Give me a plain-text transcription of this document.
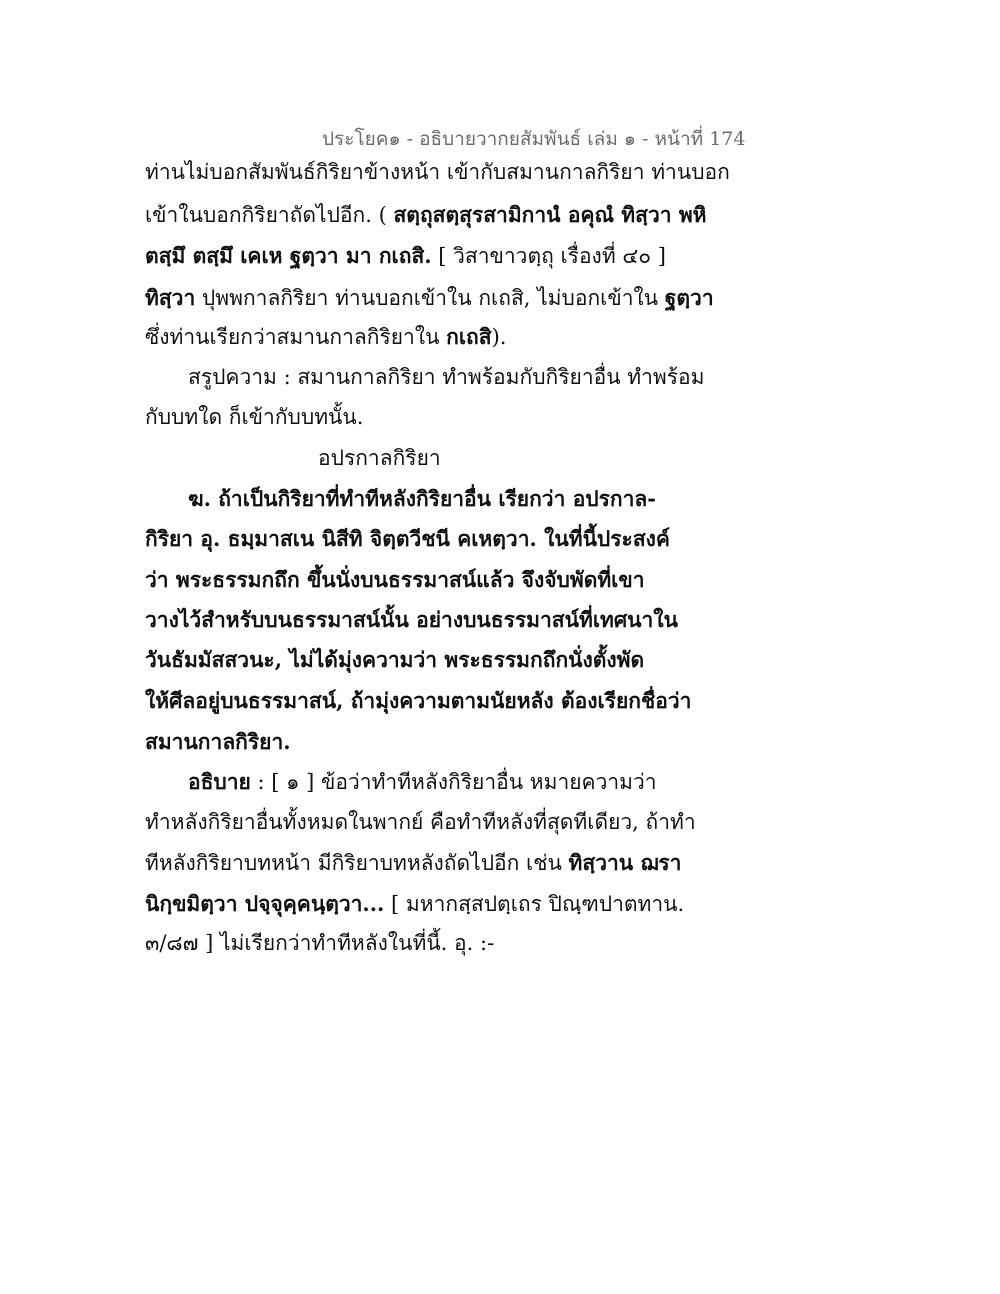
ประโยค๑ - อธิบายวากยสัมพันธ์ เล่ม ๑ - หน้าที่ 174
ท่านไม่บอกสัมพันธ์กิริยาข้างหน้า เข้ากับสมานกาลกิริยา ท่านบอก
เข้าในบอกกิริยาถัดไปอีก. ( สตฺถุสตฺสุรสามิกานํ อคุณํ ทิสฺวา พหิ
ตสฺมึ ตสฺมึ เคเห ฐตฺวา มา กเถสิ. [ วิสาขาวตฺถุ เรื่องที่ ๔๐ ]
ทิสฺวา ปุพพกาลกิริยา ท่านบอกเข้าใน กเถสิ, ไม่บอกเข้าใน ฐตฺวา
ซึ่งท่านเรียกว่าสมานกาลกิริยาใน กเถสิ).
สรูปความ : สมานกาลกิริยา ทำพร้อมกับกิริยาอื่น ทำพร้อม
กับบทใด ก็เข้ากับบทนั้น.
อปรกาลกิริยา
ฆ. ถ้าเป็นกิริยาที่ทำทีหลังกิริยาอื่น เรียกว่า อปรกาล-
กิริยา อุ. ธมฺมาสเน นิสีทิ จิตฺตวีชนี คเหตฺวา. ในที่นี้ประสงค์
ว่า พระธรรมกถึก ขึ้นนั่งบนธรรมาสน์แล้ว จึงจับพัดที่เขา
วางไว้สำหรับบนธรรมาสน์นั้น อย่างบนธรรมาสน์ที่เทศนาใน
วันธัมมัสสวนะ, ไม่ได้มุ่งความว่า พระธรรมกถึกนั่งตั้งพัด
ให้ศีลอยู่บนธรรมาสน์, ถ้ามุ่งความตามนัยหลัง ต้องเรียกชื่อว่า
สมานกาลกิริยา.
อธิบาย : [ ๑ ] ข้อว่าทำทีหลังกิริยาอื่น หมายความว่า
ทำหลังกิริยาอื่นทั้งหมดในพากย์ คือทำทีหลังที่สุดทีเดียว, ถ้าทำ
ทีหลังกิริยาบทหน้า มีกิริยาบทหลังถัดไปอีก เช่น ทิสฺวาน ฌรา
นิกฺขมิตฺวา ปจฺจุคฺคนฺตฺวา... [ มหากสฺสปตฺเถร ปิณฺฑปาตทาน.
๓/๘๗ ] ไม่เรียกว่าทำทีหลังในที่นี้. อุ. :-
